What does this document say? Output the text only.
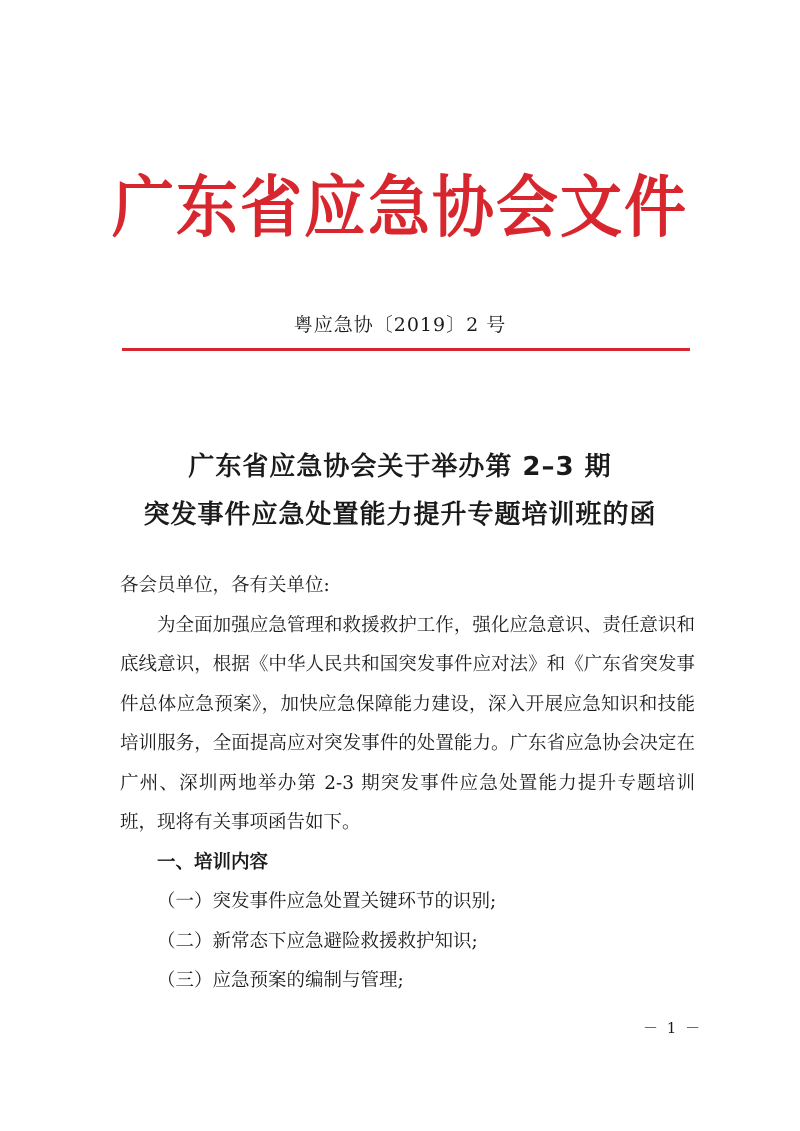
广东省应急协会文件
粤应急协〔2019〕2 号
广东省应急协会关于举办第 2–3 期
突发事件应急处置能力提升专题培训班的函

各会员单位，各有关单位:

为全面加强应急管理和救援救护工作，强化应急意识、责任意识和底线意识，根据《中华人民共和国突发事件应对法》和《广东省突发事件总体应急预案》，加快应急保障能力建设，深入开展应急知识和技能培训服务，全面提高应对突发事件的处置能力。广东省应急协会决定在广州、深圳两地举办第 2-3 期突发事件应急处置能力提升专题培训班，现将有关事项函告如下。

一、培训内容

（一）突发事件应急处置关键环节的识别;

（二）新常态下应急避险救援救护知识;

（三）应急预案的编制与管理;

－ 1 －
